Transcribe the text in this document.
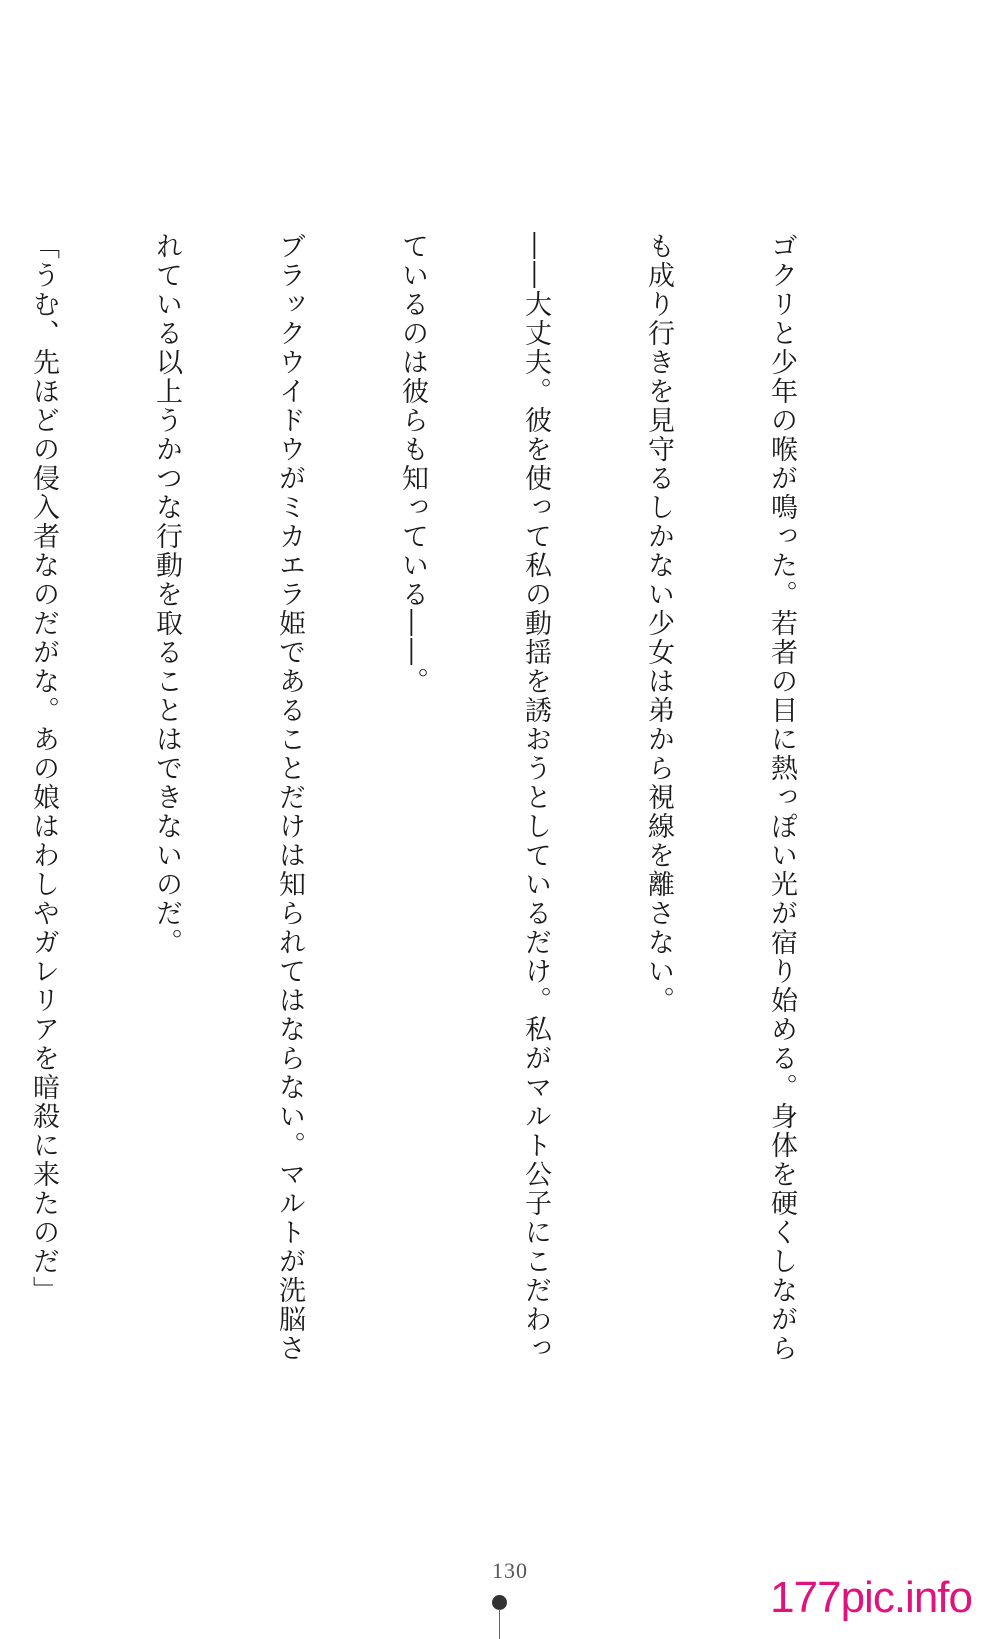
ゴクリと少年の喉が鳴った。若者の目に熱っぽい光が宿り始める。身体を硬くしながら

も成り行きを見守るしかない少女は弟から視線を離さない。

――大丈夫。彼を使って私の動揺を誘おうとしているだけ。私がマルト公子にこだわっ

ているのは彼らも知っている――。

ブラックウイドウがミカエラ姫であることだけは知られてはならない。マルトが洗脳さ

れている以上うかつな行動を取ることはできないのだ。

「うむ、先ほどの侵入者なのだがな。あの娘はわしやガレリアを暗殺に来たのだ」

130
177pic.info
